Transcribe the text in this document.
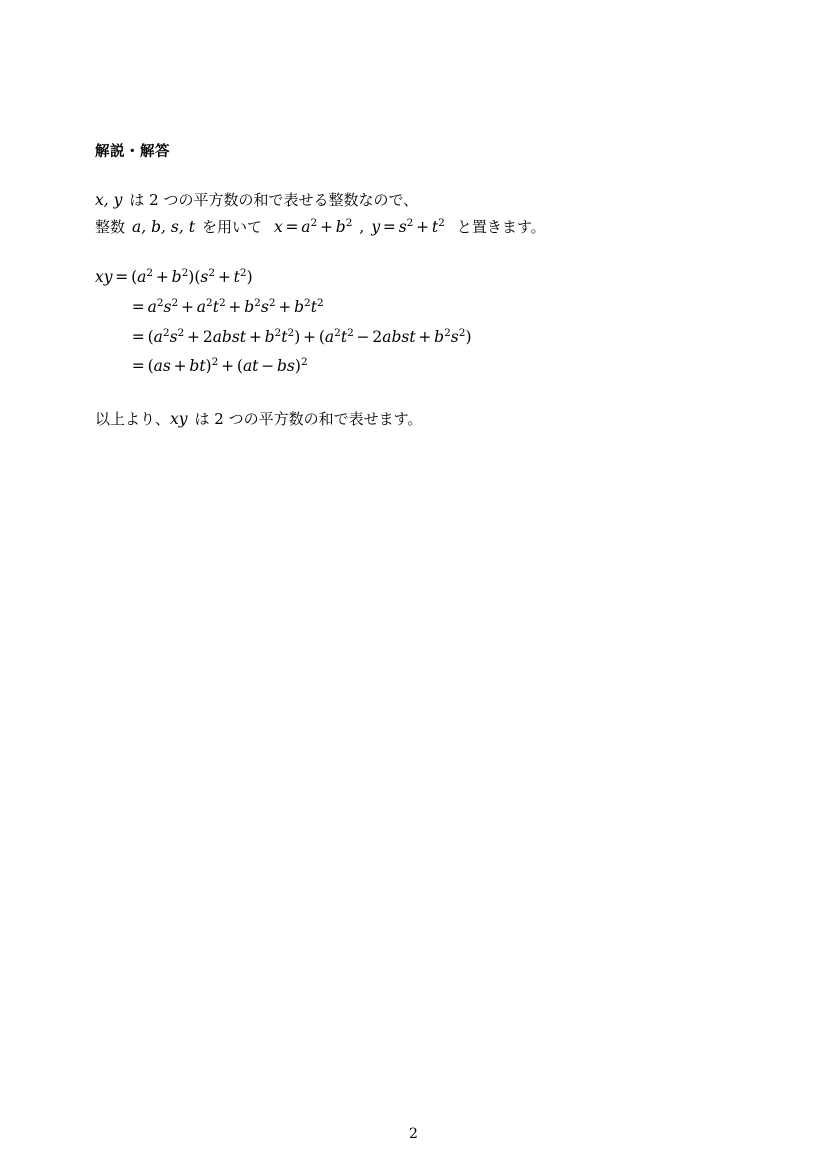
解説・解答
x, y は 2 つの平方数の和で表せる整数なので、
整数 a, b, s, t を用いて $x = a^2 + b^2$ , $y = s^2 + t^2$ と置きます。
xy = $(a^2 + b^2)(s^2 + t^2)$
= $a^2s^2 + a^2t^2 + b^2s^2 + b^2t^2$
= ($a^2s^2$ + 2abst + $b^2t^2) + (a^2t^2$ − 2abst + $b^2s^2$)
= (as + bt)$^2$ + (at − bs)$^2$
以上より、xy は 2 つの平方数の和で表せます。
2
